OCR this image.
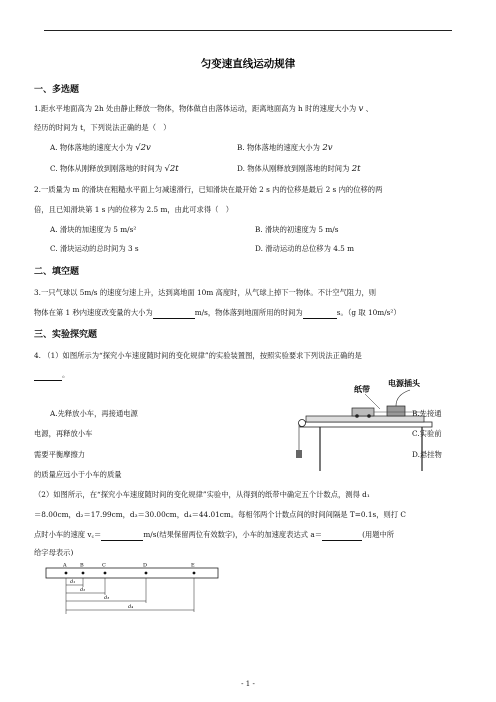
匀变速直线运动规律
一、多选题
1.距水平地面高为 2h 处由静止释放一物体，物体做自由落体运动，距离地面高为 h 时的速度大小为 v 、
经历的时间为 t，下列说法正确的是（　）
A. 物体落地的速度大小为 √2v	B. 物体落地的速度大小为 2v
C. 物体从刚释放到刚落地的时间为 √2t	D. 物体从刚释放到刚落地的时间为 2t
2.一质量为 m 的滑块在粗糙水平面上匀减速滑行，已知滑块在最开始 2 s 内的位移是最后 2 s 内的位移的两
倍，且已知滑块第 1 s 内的位移为 2.5 m，由此可求得（　）
A. 滑块的加速度为 5 m/s²	B. 滑块的初速度为 5 m/s
C. 滑块运动的总时间为 3 s	D. 滑动运动的总位移为 4.5 m
二、填空题
3.一只气球以 5m/s 的速度匀速上升，达到离地面 10m 高度时，从气球上掉下一物体。不计空气阻力，则
物体在第 1 秒内速度改变量的大小为	m/s，物体落到地面所用的时间为	s。（g 取 10m/s²）
三、实验探究题
4. （1）如图所示为“探究小车速度随时间的变化规律”的实验装置图，按照实验要求下列说法正确的是
。
纸带
电源插头
A.先释放小车，再接通电源	B.先接通
电源，再释放小车	C.实验前
需要平衡摩擦力	D.悬挂物
的质量应远小于小车的质量
（2）如图所示，在“探究小车速度随时间的变化规律”实验中，从得到的纸带中确定五个计数点，测得 d₁
＝8.00cm，d₂＝17.99cm，d₃＝30.00cm，d₄＝44.01cm。每相邻两个计数点间的时间间隔是 T=0.1s，则打 C
点时小车的速度 v꜀＝	m/s(结果保留两位有效数字)，小车的加速度表达式 a＝	(用题中所
给字母表示)
A	B	C	D	E
d₁
d₂
d₃
d₄
- 1 -
